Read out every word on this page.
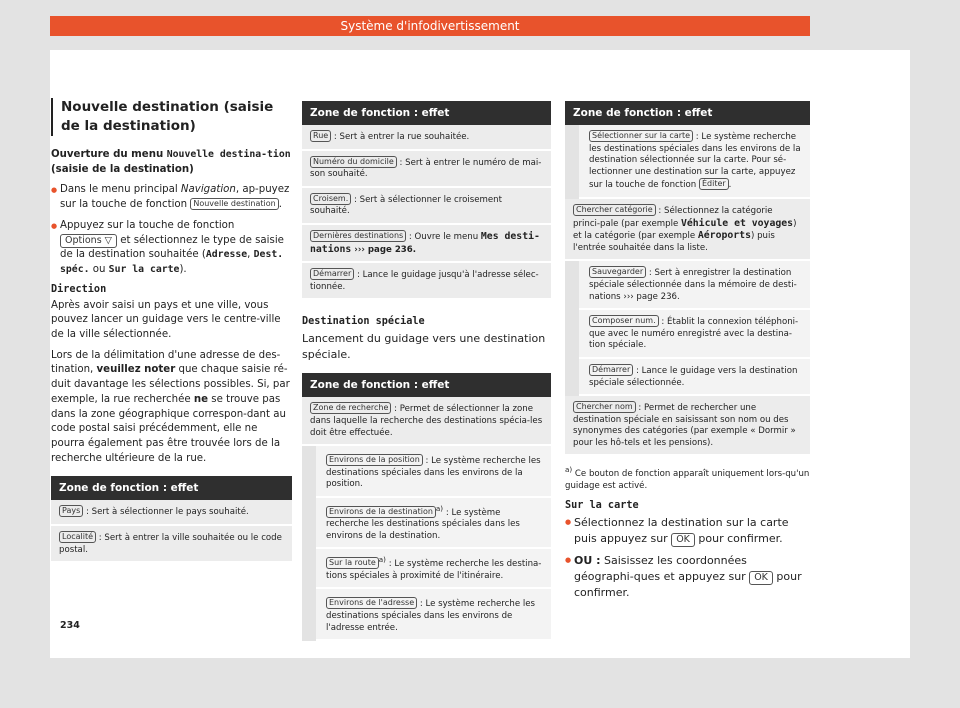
Système d'infodivertissement
Nouvelle destination (saisie de la destination)
Ouverture du menu Nouvelle destina-tion (saisie de la destination)
● Dans le menu principal Navigation, ap-puyez sur la touche de fonction Nouvelle destination .
● Appuyez sur la touche de fonction Options ▽ et sélectionnez le type de saisie de la destination souhaitée (Adresse, Dest. spéc. ou Sur la carte).
Direction
Après avoir saisi un pays et une ville, vous pouvez lancer un guidage vers le centre-ville de la ville sélectionnée.
Lors de la délimitation d'une adresse de des-tination, veuillez noter que chaque saisie ré-duit davantage les sélections possibles. Si, par exemple, la rue recherchée ne se trouve pas dans la zone géographique correspon-dant au code postal saisi précédemment, elle ne pourra également pas être trouvée lors de la recherche ultérieure de la rue.
Zone de fonction : effet
Pays : Sert à sélectionner le pays souhaité.
Localité : Sert à entrer la ville souhaitée ou le code postal.
Zone de fonction : effet
Rue : Sert à entrer la rue souhaitée.
Numéro du domicile : Sert à entrer le numéro de mai-son souhaité.
Croisem. : Sert à sélectionner le croisement souhaité.
Dernières destinations : Ouvre le menu Mes desti-nations ››› page 236.
Démarrer : Lance le guidage jusqu'à l'adresse sélec-tionnée.
Destination spéciale
Lancement du guidage vers une destination spéciale.
Zone de fonction : effet
Zone de recherche : Permet de sélectionner la zone dans laquelle la recherche des destinations spécia-les doit être effectuée.
Environs de la position : Le système recherche les destinations spéciales dans les environs de la position.
Environs de la destination $^{a)}$ : Le système recherche les destinations spéciales dans les environs de la destination.
Sur la route $^{a)}$ : Le système recherche les destina-tions spéciales à proximité de l'itinéraire.
Environs de l'adresse : Le système recherche les destinations spéciales dans les environs de l'adresse entrée.
Zone de fonction : effet
Sélectionner sur la carte : Le système recherche les destinations spéciales dans les environs de la destination sélectionnée sur la carte. Pour sé-lectionner une destination sur la carte, appuyez sur la touche de fonction Éditer .
Chercher catégorie : Sélectionnez la catégorie princi-pale (par exemple Véhicule et voyages) et la catégorie (par exemple Aéroports) puis l'entrée souhaitée dans la liste.
Sauvegarder : Sert à enregistrer la destination spéciale sélectionnée dans la mémoire de desti-nations ››› page 236.
Composer num. : Établit la connexion téléphoni-que avec le numéro enregistré avec la destina-tion spéciale.
Démarrer : Lance le guidage vers la destination spéciale sélectionnée.
Chercher nom : Permet de rechercher une destination spéciale en saisissant son nom ou des synonymes des catégories (par exemple « Dormir » pour les hô-tels et les pensions).
$^{a)}$ Ce bouton de fonction apparaît uniquement lors-qu'un guidage est activé.
Sur la carte
● Sélectionnez la destination sur la carte puis appuyez sur OK pour confirmer.
● OU : Saisissez les coordonnées géographi-ques et appuyez sur OK pour confirmer.
234
